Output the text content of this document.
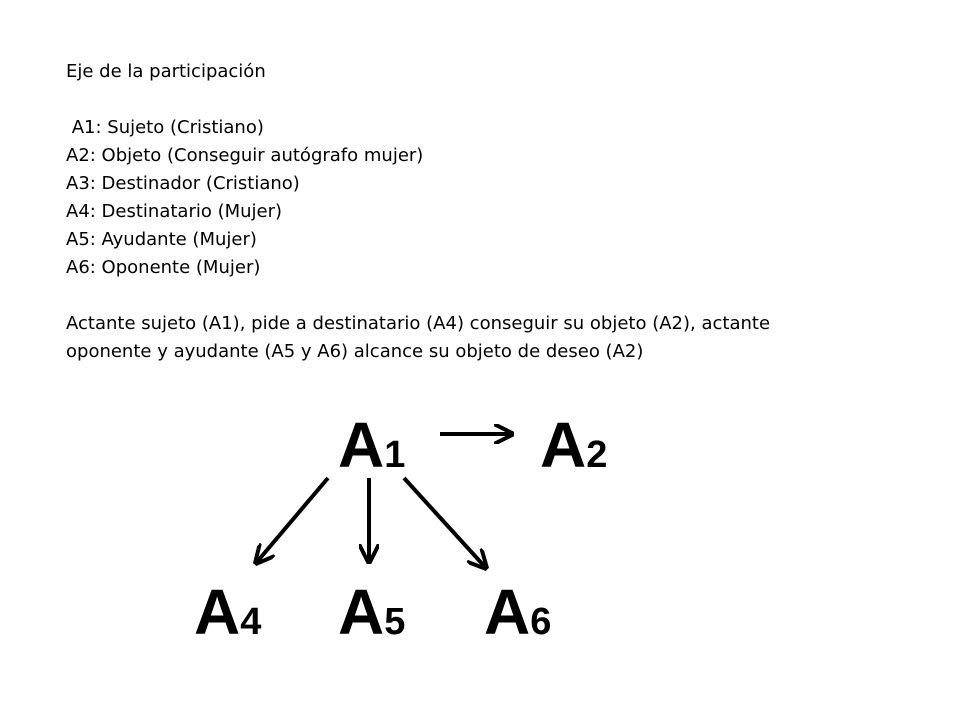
Eje de la participación

A1: Sujeto (Cristiano)

A2: Objeto (Conseguir autógrafo mujer)

A3: Destinador (Cristiano)

A4: Destinatario (Mujer)

A5: Ayudante (Mujer)

A6: Oponente (Mujer)

Actante sujeto (A1), pide a destinatario (A4) conseguir su objeto (A2), actante

oponente y ayudante (A5 y A6) alcance su objeto de deseo (A2)

A1 A2
A4 A5 A6
